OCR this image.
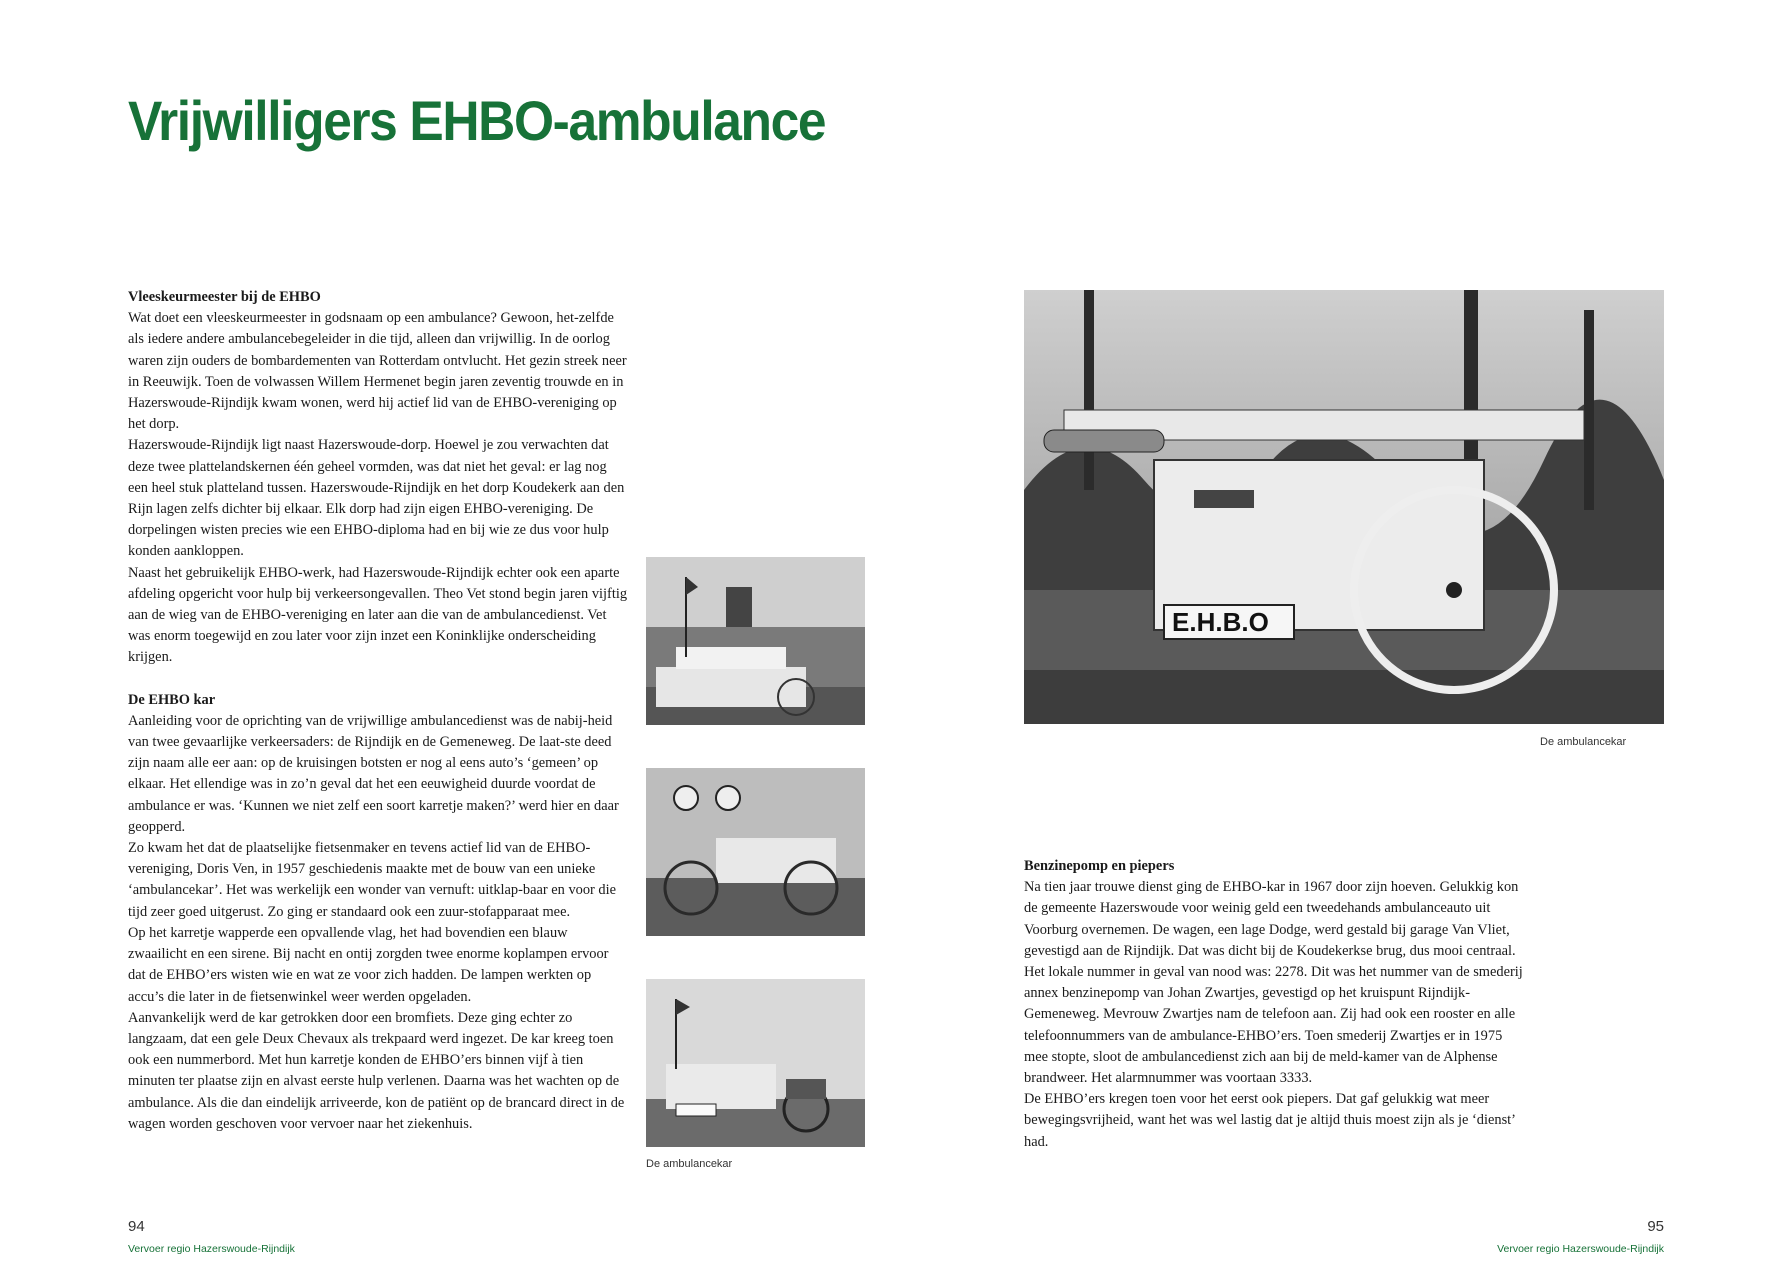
Vrijwilligers EHBO-ambulance

Vleeskeurmeester bij de EHBO

Wat doet een vleeskeurmeester in godsnaam op een ambulance? Gewoon, het-zelfde als iedere andere ambulancebegeleider in die tijd, alleen dan vrijwillig. In de oorlog waren zijn ouders de bombardementen van Rotterdam ontvlucht. Het gezin streek neer in Reeuwijk. Toen de volwassen Willem Hermenet begin jaren zeventig trouwde en in Hazerswoude-Rijndijk kwam wonen, werd hij actief lid van de EHBO-vereniging op het dorp.

Hazerswoude-Rijndijk ligt naast Hazerswoude-dorp. Hoewel je zou verwachten dat deze twee plattelandskernen één geheel vormden, was dat niet het geval: er lag nog een heel stuk platteland tussen. Hazerswoude-Rijndijk en het dorp Koudekerk aan den Rijn lagen zelfs dichter bij elkaar. Elk dorp had zijn eigen EHBO-vereniging. De dorpelingen wisten precies wie een EHBO-diploma had en bij wie ze dus voor hulp konden aankloppen.

Naast het gebruikelijk EHBO-werk, had Hazerswoude-Rijndijk echter ook een aparte afdeling opgericht voor hulp bij verkeersongevallen. Theo Vet stond begin jaren vijftig aan de wieg van de EHBO-vereniging en later aan die van de ambulancedienst. Vet was enorm toegewijd en zou later voor zijn inzet een Koninklijke onderscheiding krijgen.

De EHBO kar

Aanleiding voor de oprichting van de vrijwillige ambulancedienst was de nabij-heid van twee gevaarlijke verkeersaders: de Rijndijk en de Gemeneweg. De laat-ste deed zijn naam alle eer aan: op de kruisingen botsten er nog al eens auto’s ‘gemeen’ op elkaar. Het ellendige was in zo’n geval dat het een eeuwigheid duurde voordat de ambulance er was. ‘Kunnen we niet zelf een soort karretje maken?’ werd hier en daar geopperd.

Zo kwam het dat de plaatselijke fietsenmaker en tevens actief lid van de EHBO-vereniging, Doris Ven, in 1957 geschiedenis maakte met de bouw van een unieke ‘ambulancekar’. Het was werkelijk een wonder van vernuft: uitklap-baar en voor die tijd zeer goed uitgerust. Zo ging er standaard ook een zuur-stofapparaat mee.

Op het karretje wapperde een opvallende vlag, het had bovendien een blauw zwaailicht en een sirene. Bij nacht en ontij zorgden twee enorme koplampen ervoor dat de EHBO’ers wisten wie en wat ze voor zich hadden. De lampen werkten op accu’s die later in de fietsenwinkel weer werden opgeladen.

Aanvankelijk werd de kar getrokken door een bromfiets. Deze ging echter zo langzaam, dat een gele Deux Chevaux als trekpaard werd ingezet. De kar kreeg toen ook een nummerbord. Met hun karretje konden de EHBO’ers binnen vijf à tien minuten ter plaatse zijn en alvast eerste hulp verlenen. Daarna was het wachten op de ambulance. Als die dan eindelijk arriveerde, kon de patiënt op de brancard direct in de wagen worden geschoven voor vervoer naar het ziekenhuis.

De ambulancekar
E.H.B.O
De ambulancekar

Benzinepomp en piepers

Na tien jaar trouwe dienst ging de EHBO-kar in 1967 door zijn hoeven. Gelukkig kon de gemeente Hazerswoude voor weinig geld een tweedehands ambulanceauto uit Voorburg overnemen. De wagen, een lage Dodge, werd gestald bij garage Van Vliet, gevestigd aan de Rijndijk. Dat was dicht bij de Koudekerkse brug, dus mooi centraal.

Het lokale nummer in geval van nood was: 2278. Dit was het nummer van de smederij annex benzinepomp van Johan Zwartjes, gevestigd op het kruispunt Rijndijk-Gemeneweg. Mevrouw Zwartjes nam de telefoon aan. Zij had ook een rooster en alle telefoonnummers van de ambulance-EHBO’ers. Toen smederij Zwartjes er in 1975 mee stopte, sloot de ambulancedienst zich aan bij de meld-kamer van de Alphense brandweer. Het alarmnummer was voortaan 3333.

De EHBO’ers kregen toen voor het eerst ook piepers. Dat gaf gelukkig wat meer bewegingsvrijheid, want het was wel lastig dat je altijd thuis moest zijn als je ‘dienst’ had.

94	95
Vervoer regio Hazerswoude-Rijndijk	Vervoer regio Hazerswoude-Rijndijk
